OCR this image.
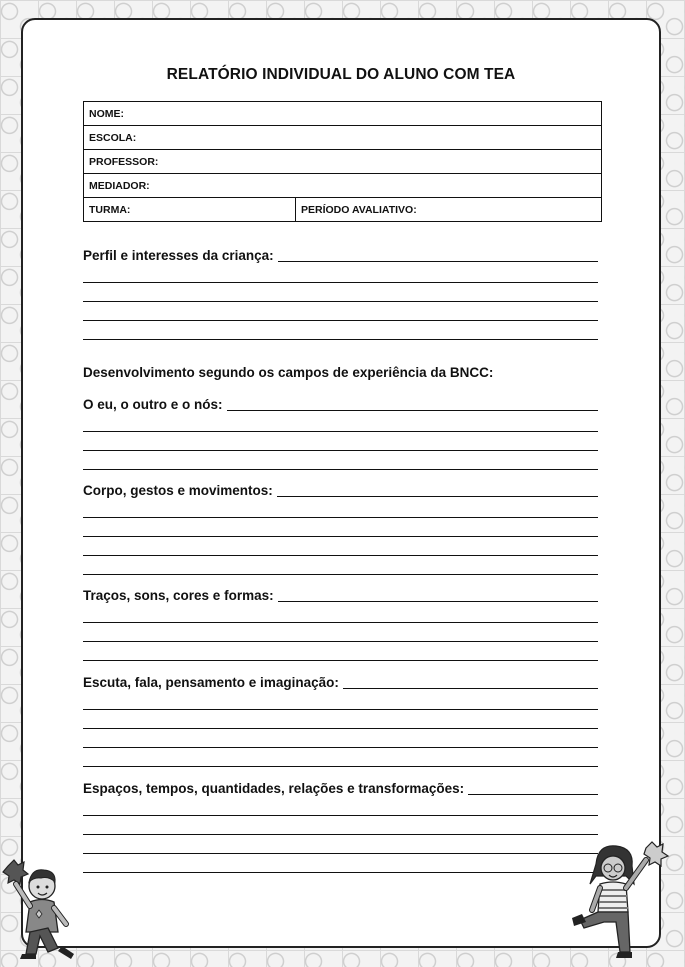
RELATÓRIO INDIVIDUAL DO ALUNO COM TEA
NOME:
ESCOLA:
PROFESSOR:
MEDIADOR:
TURMA:	PERÍODO AVALIATIVO:
Perfil e interesses da criança:
Desenvolvimento segundo os campos de experiência da BNCC:
O eu, o outro e o nós:
Corpo, gestos e movimentos:
Traços, sons, cores e formas:
Escuta, fala, pensamento e imaginação:
Espaços, tempos, quantidades, relações e transformações:
